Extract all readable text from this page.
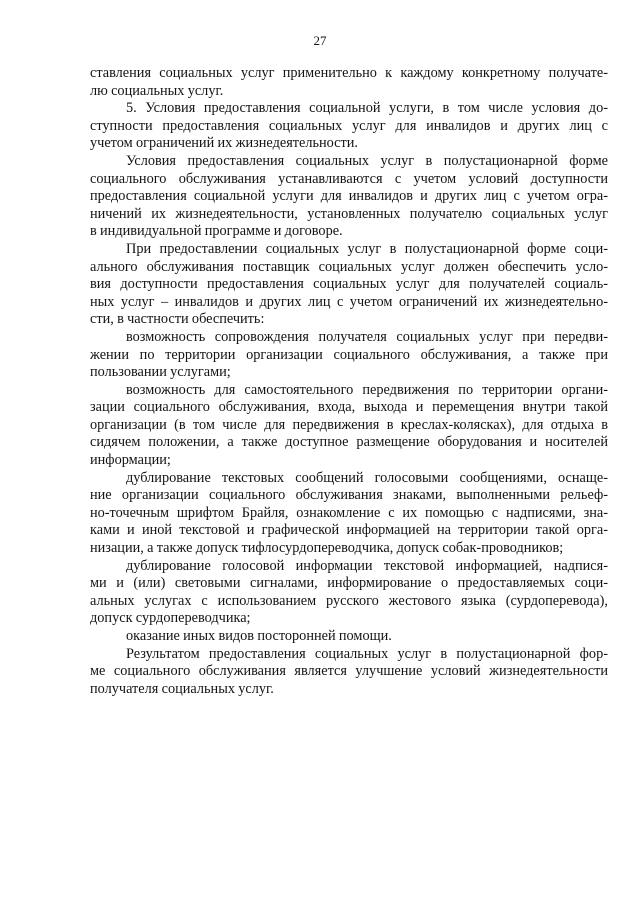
27

ставления социальных услуг применительно к каждому конкретному получате-
лю социальных услуг.

5. Условия предоставления социальной услуги, в том числе условия до-
ступности предоставления социальных услуг для инвалидов и других лиц с
учетом ограничений их жизнедеятельности.

Условия предоставления социальных услуг в полустационарной форме
социального обслуживания устанавливаются с учетом условий доступности
предоставления социальной услуги для инвалидов и других лиц с учетом огра-
ничений их жизнедеятельности, установленных получателю социальных услуг
в индивидуальной программе и договоре.

При предоставлении социальных услуг в полустационарной форме соци-
ального обслуживания поставщик социальных услуг должен обеспечить усло-
вия доступности предоставления социальных услуг для получателей социаль-
ных услуг – инвалидов и других лиц с учетом ограничений их жизнедеятельно-
сти, в частности обеспечить:

возможность сопровождения получателя социальных услуг при передви-
жении по территории организации социального обслуживания, а также при
пользовании услугами;

возможность для самостоятельного передвижения по территории органи-
зации социального обслуживания, входа, выхода и перемещения внутри такой
организации (в том числе для передвижения в креслах-колясках), для отдыха в
сидячем положении, а также доступное размещение оборудования и носителей
информации;

дублирование текстовых сообщений голосовыми сообщениями, оснаще-
ние организации социального обслуживания знаками, выполненными рельеф-
но-точечным шрифтом Брайля, ознакомление с их помощью с надписями, зна-
ками и иной текстовой и графической информацией на территории такой орга-
низации, а также допуск тифлосурдопереводчика, допуск собак-проводников;

дублирование голосовой информации текстовой информацией, надпися-
ми и (или) световыми сигналами, информирование о предоставляемых соци-
альных услугах с использованием русского жестового языка (сурдоперевода),
допуск сурдопереводчика;

оказание иных видов посторонней помощи.

Результатом предоставления социальных услуг в полустационарной фор-
ме социального обслуживания является улучшение условий жизнедеятельности
получателя социальных услуг.
